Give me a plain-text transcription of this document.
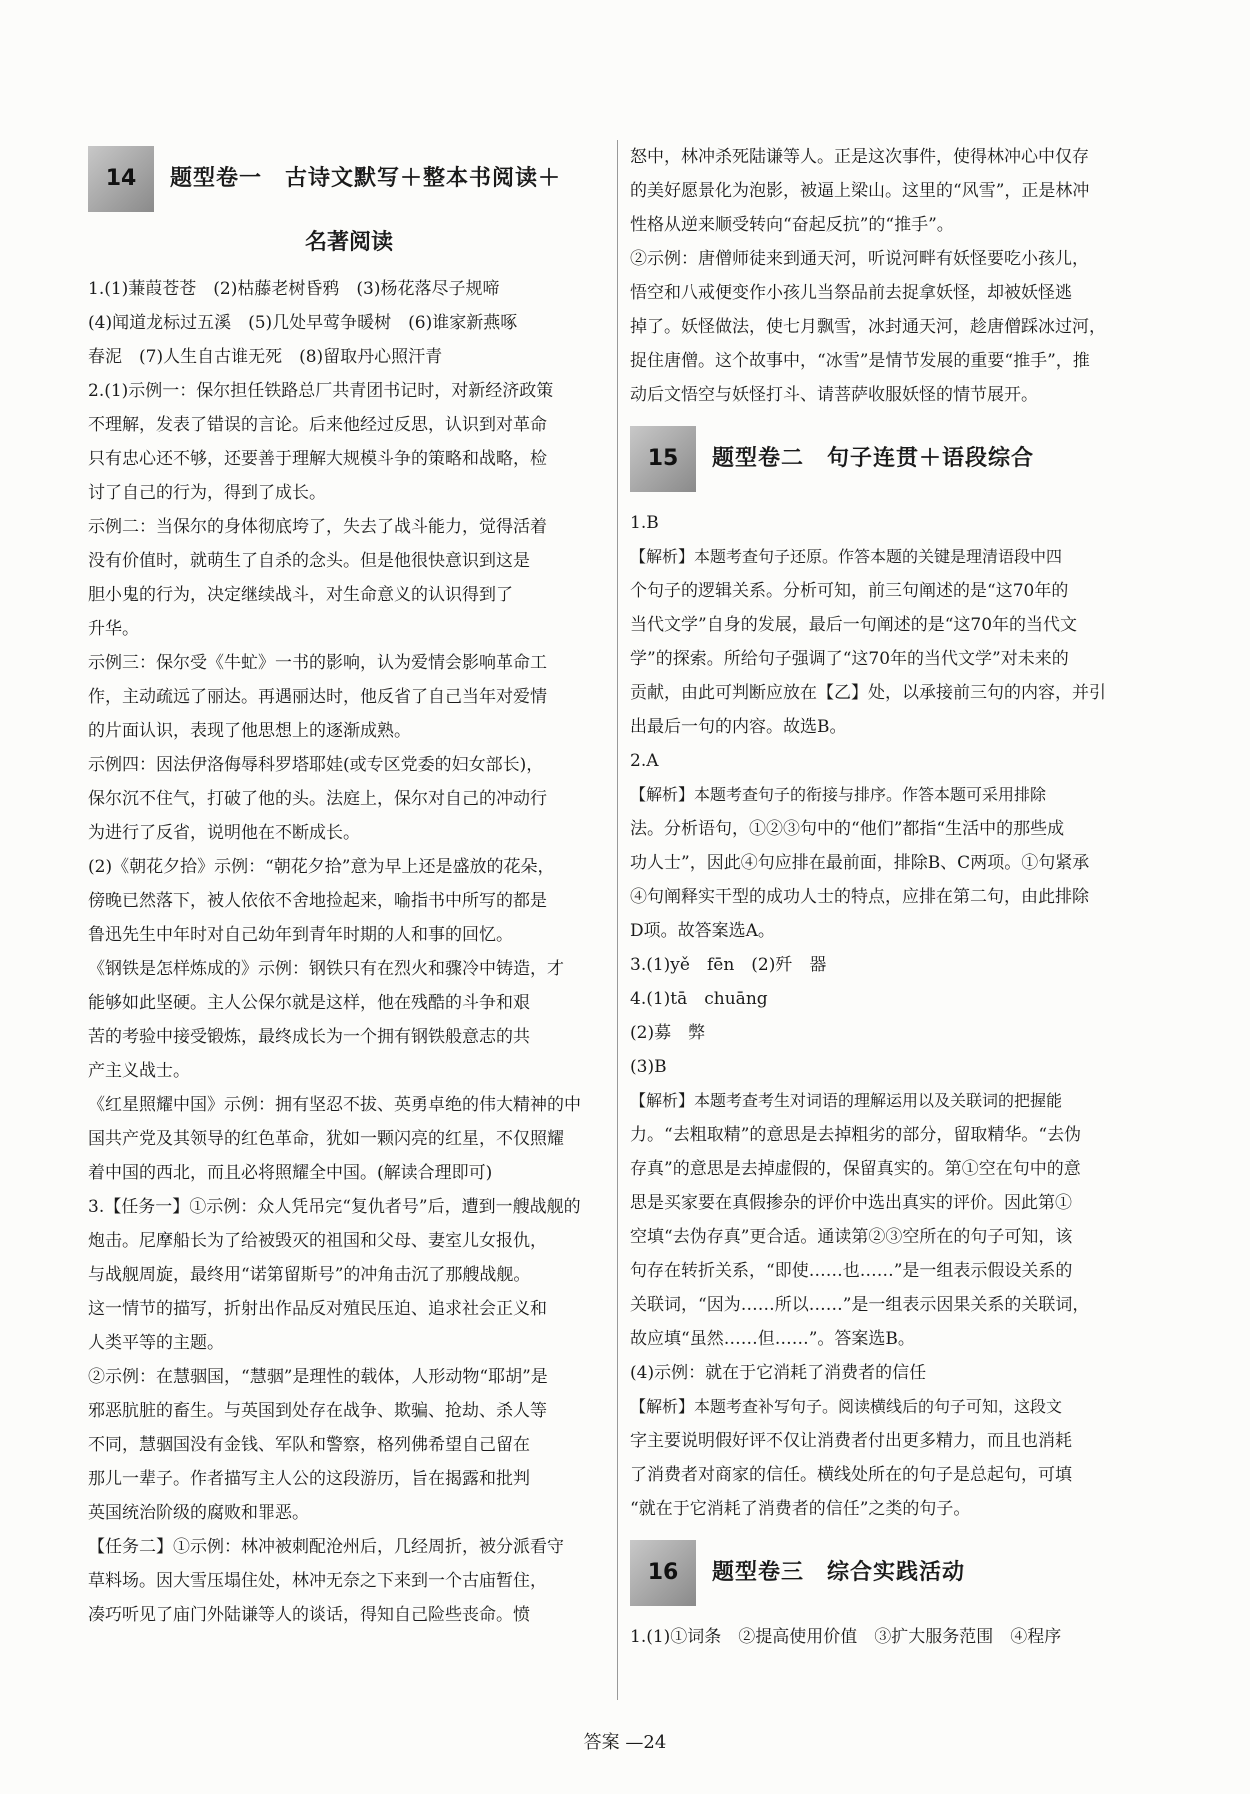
14	题型卷一　古诗文默写＋整本书阅读＋
名著阅读

1.(1)蒹葭苍苍　(2)枯藤老树昏鸦　(3)杨花落尽子规啼

(4)闻道龙标过五溪　(5)几处早莺争暖树　(6)谁家新燕啄

春泥　(7)人生自古谁无死　(8)留取丹心照汗青

2.(1)示例一：保尔担任铁路总厂共青团书记时，对新经济政策

不理解，发表了错误的言论。后来他经过反思，认识到对革命

只有忠心还不够，还要善于理解大规模斗争的策略和战略，检

讨了自己的行为，得到了成长。

示例二：当保尔的身体彻底垮了，失去了战斗能力，觉得活着

没有价值时，就萌生了自杀的念头。但是他很快意识到这是

胆小鬼的行为，决定继续战斗，对生命意义的认识得到了

升华。

示例三：保尔受《牛虻》一书的影响，认为爱情会影响革命工

作，主动疏远了丽达。再遇丽达时，他反省了自己当年对爱情

的片面认识，表现了他思想上的逐渐成熟。

示例四：因法伊洛侮辱科罗塔耶娃(或专区党委的妇女部长)，

保尔沉不住气，打破了他的头。法庭上，保尔对自己的冲动行

为进行了反省，说明他在不断成长。

(2)《朝花夕拾》示例：“朝花夕拾”意为早上还是盛放的花朵，

傍晚已然落下，被人依依不舍地捡起来，喻指书中所写的都是

鲁迅先生中年时对自己幼年到青年时期的人和事的回忆。

《钢铁是怎样炼成的》示例：钢铁只有在烈火和骤冷中铸造，才

能够如此坚硬。主人公保尔就是这样，他在残酷的斗争和艰

苦的考验中接受锻炼，最终成长为一个拥有钢铁般意志的共

产主义战士。

《红星照耀中国》示例：拥有坚忍不拔、英勇卓绝的伟大精神的中

国共产党及其领导的红色革命，犹如一颗闪亮的红星，不仅照耀

着中国的西北，而且必将照耀全中国。(解读合理即可)

3.【任务一】①示例：众人凭吊完“复仇者号”后，遭到一艘战舰的

炮击。尼摩船长为了给被毁灭的祖国和父母、妻室儿女报仇，

与战舰周旋，最终用“诺第留斯号”的冲角击沉了那艘战舰。

这一情节的描写，折射出作品反对殖民压迫、追求社会正义和

人类平等的主题。

②示例：在慧骃国，“慧骃”是理性的载体，人形动物“耶胡”是

邪恶肮脏的畜生。与英国到处存在战争、欺骗、抢劫、杀人等

不同，慧骃国没有金钱、军队和警察，格列佛希望自己留在

那儿一辈子。作者描写主人公的这段游历，旨在揭露和批判

英国统治阶级的腐败和罪恶。

【任务二】①示例：林冲被刺配沧州后，几经周折，被分派看守

草料场。因大雪压塌住处，林冲无奈之下来到一个古庙暂住，

凑巧听见了庙门外陆谦等人的谈话，得知自己险些丧命。愤

怒中，林冲杀死陆谦等人。正是这次事件，使得林冲心中仅存

的美好愿景化为泡影，被逼上梁山。这里的“风雪”，正是林冲

性格从逆来顺受转向“奋起反抗”的“推手”。

②示例：唐僧师徒来到通天河，听说河畔有妖怪要吃小孩儿，

悟空和八戒便变作小孩儿当祭品前去捉拿妖怪，却被妖怪逃

掉了。妖怪做法，使七月飘雪，冰封通天河，趁唐僧踩冰过河，

捉住唐僧。这个故事中，“冰雪”是情节发展的重要“推手”，推

动后文悟空与妖怪打斗、请菩萨收服妖怪的情节展开。

15	题型卷二　句子连贯＋语段综合

1.B

【解析】本题考查句子还原。作答本题的关键是理清语段中四

个句子的逻辑关系。分析可知，前三句阐述的是“这70年的

当代文学”自身的发展，最后一句阐述的是“这70年的当代文

学”的探索。所给句子强调了“这70年的当代文学”对未来的

贡献，由此可判断应放在【乙】处，以承接前三句的内容，并引

出最后一句的内容。故选B。

2.A

【解析】本题考查句子的衔接与排序。作答本题可采用排除

法。分析语句，①②③句中的“他们”都指“生活中的那些成

功人士”，因此④句应排在最前面，排除B、C两项。①句紧承

④句阐释实干型的成功人士的特点，应排在第二句，由此排除

D项。故答案选A。

3.(1)yě　fēn　(2)歼　器

4.(1)tā　chuāng

(2)募　弊

(3)B

【解析】本题考查考生对词语的理解运用以及关联词的把握能

力。“去粗取精”的意思是去掉粗劣的部分，留取精华。“去伪

存真”的意思是去掉虚假的，保留真实的。第①空在句中的意

思是买家要在真假掺杂的评价中选出真实的评价。因此第①

空填“去伪存真”更合适。通读第②③空所在的句子可知，该

句存在转折关系，“即使……也……”是一组表示假设关系的

关联词，“因为……所以……”是一组表示因果关系的关联词，

故应填“虽然……但……”。答案选B。

(4)示例：就在于它消耗了消费者的信任

【解析】本题考查补写句子。阅读横线后的句子可知，这段文

字主要说明假好评不仅让消费者付出更多精力，而且也消耗

了消费者对商家的信任。横线处所在的句子是总起句，可填

“就在于它消耗了消费者的信任”之类的句子。

16	题型卷三　综合实践活动

1.(1)①词条　②提高使用价值　③扩大服务范围　④程序

答案 —24
